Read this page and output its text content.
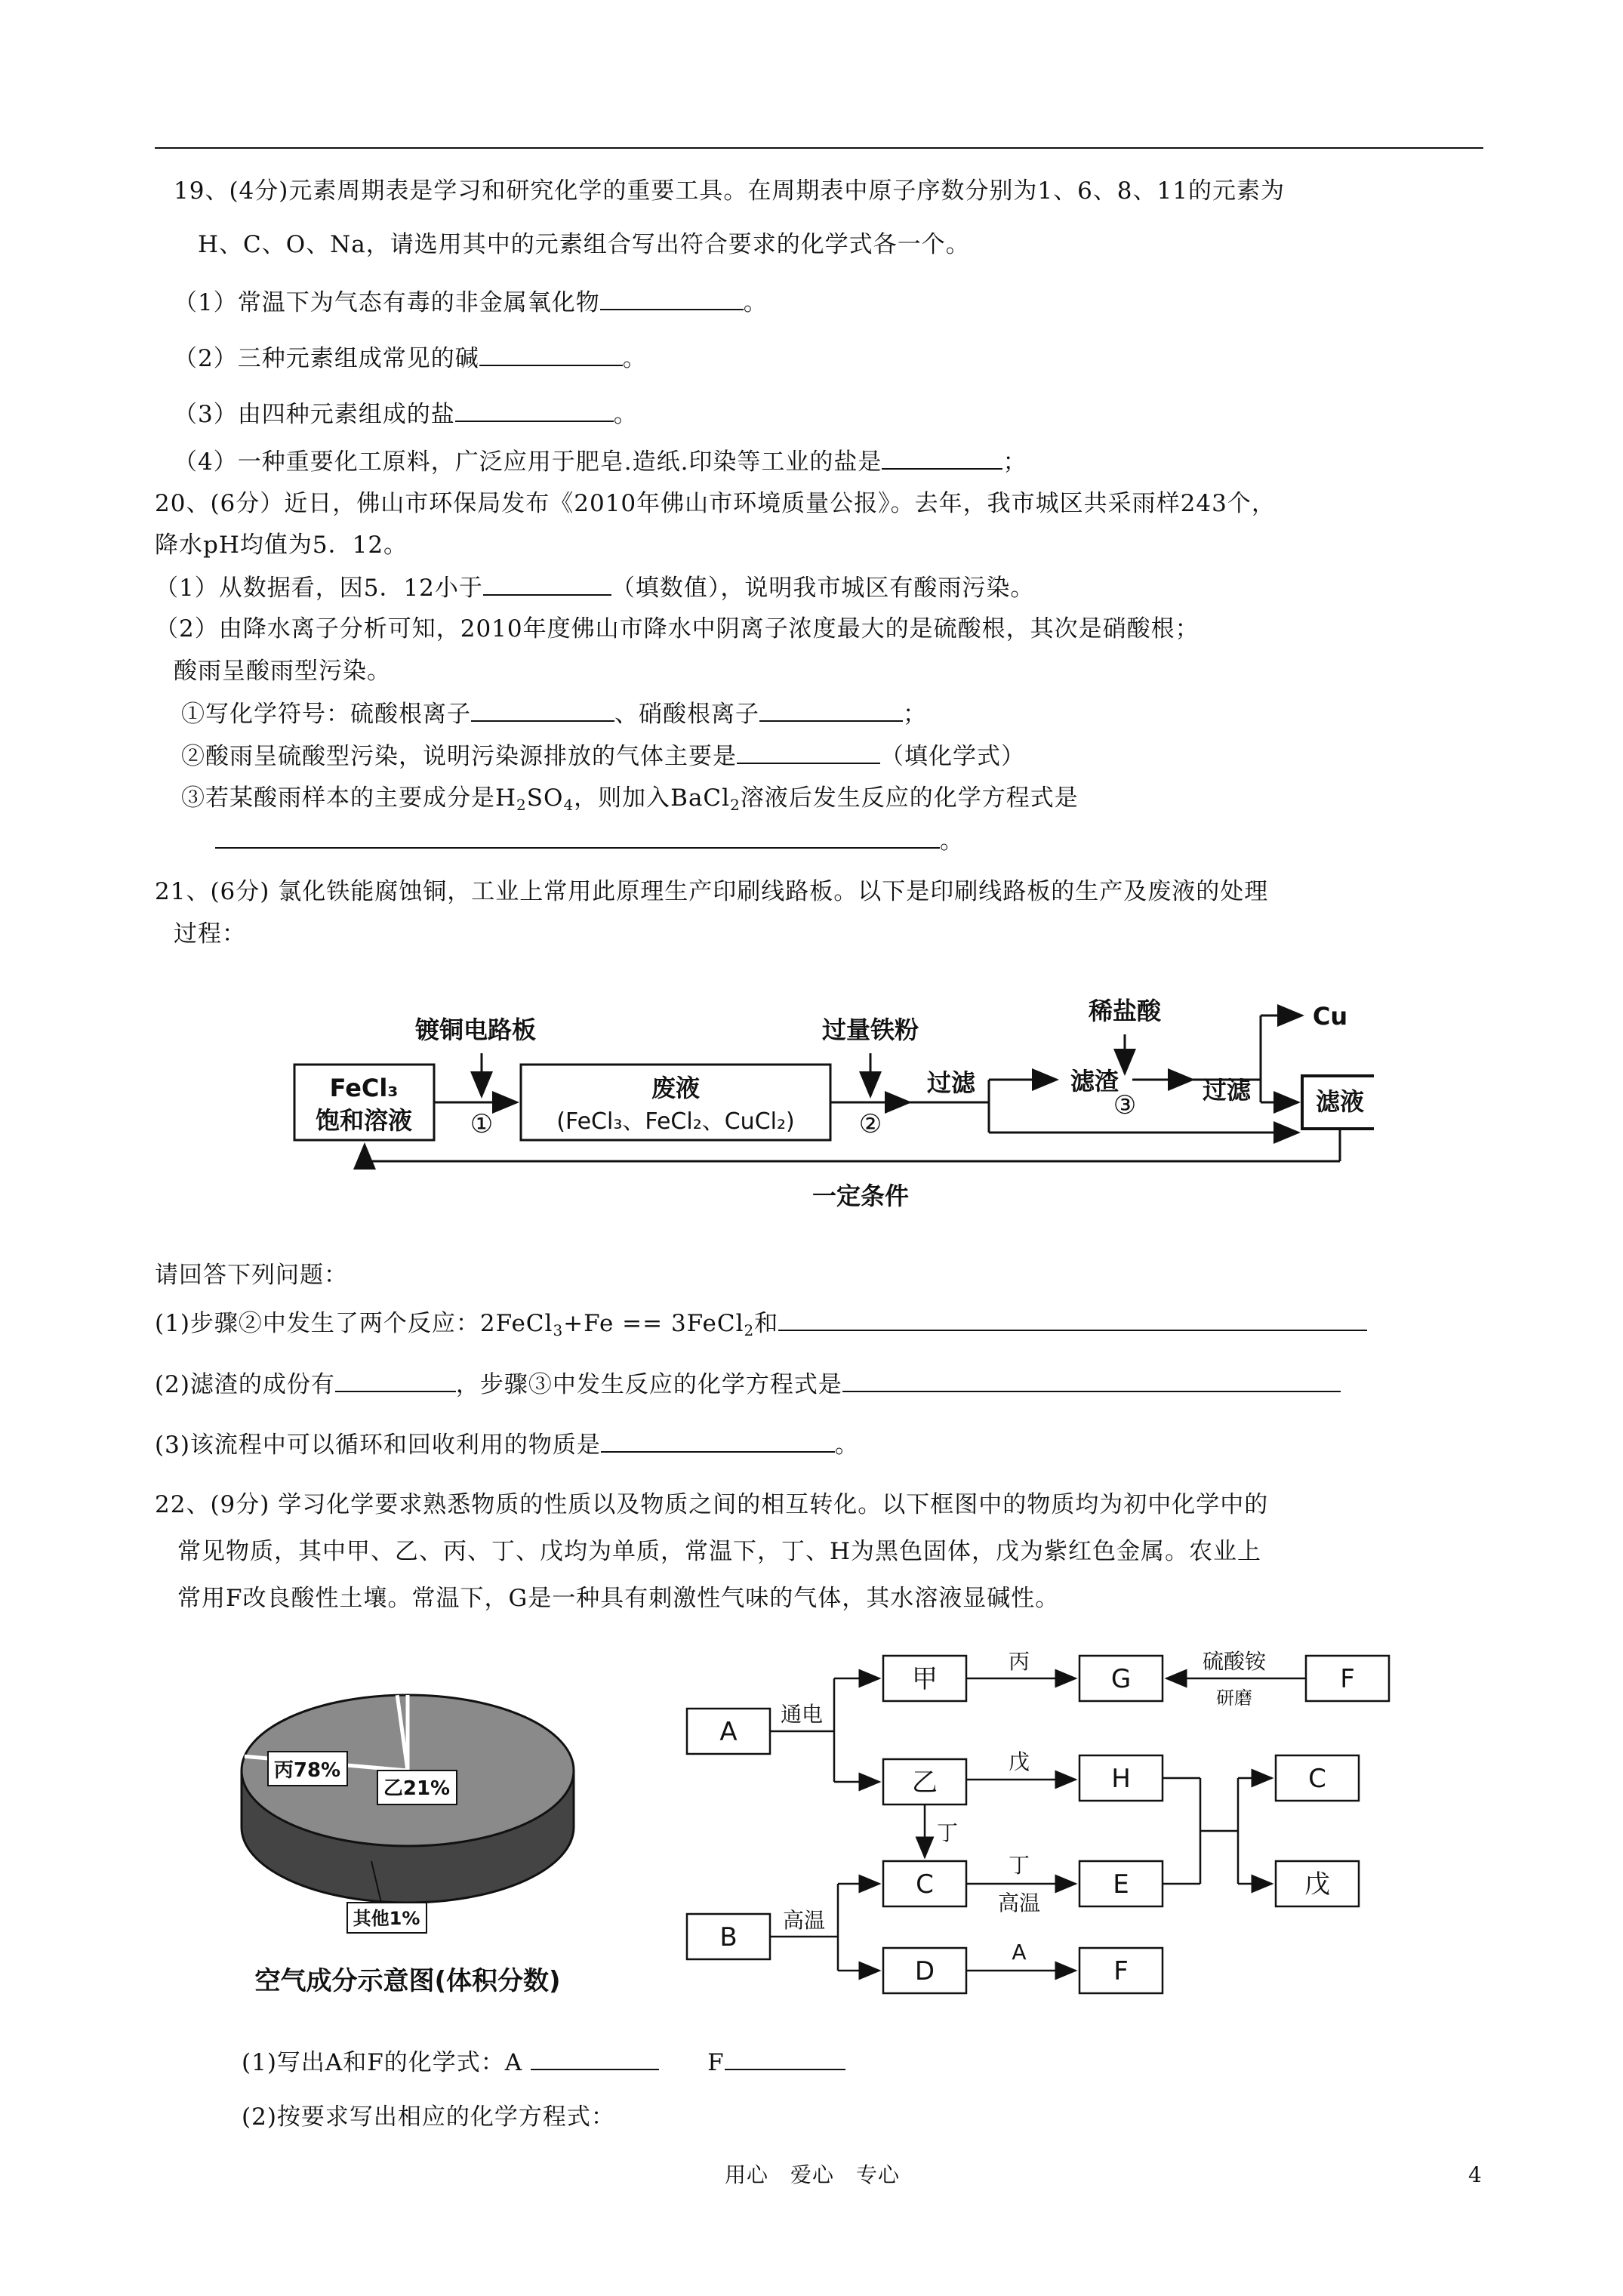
19、(4分)元素周期表是学习和研究化学的重要工具。在周期表中原子序数分别为1、6、8、11的元素为
H、C、O、Na，请选用其中的元素组合写出符合要求的化学式各一个。
（1）常温下为气态有毒的非金属氧化物	。
（2）三种元素组成常见的碱	。
（3）由四种元素组成的盐	。
（4）一种重要化工原料，广泛应用于肥皂.造纸.印染等工业的盐是	；
20、(6分）近日，佛山市环保局发布《2010年佛山市环境质量公报》。去年，我市城区共采雨样243个，
降水pH均值为5．12。
（1）从数据看，因5．12小于	（填数值），说明我市城区有酸雨污染。
（2）由降水离子分析可知，2010年度佛山市降水中阴离子浓度最大的是硫酸根，其次是硝酸根；
酸雨呈酸雨型污染。
①写化学符号：硫酸根离子	、硝酸根离子	；
②酸雨呈硫酸型污染，说明污染源排放的气体主要是	（填化学式）
③若某酸雨样本的主要成分是$H_2SO_4$，则加入BaCl$_2$溶液后发生反应的化学方程式是
。
21、(6分) 氯化铁能腐蚀铜，工业上常用此原理生产印刷线路板。以下是印刷线路板的生产及废液的处理
过程：
FeCl₃
饱和溶液
镀铜电路板
①
废液
(FeCl₃、FeCl₂、CuCl₂)
过量铁粉
②
过滤	滤渣
稀盐酸
③	过滤
Cu
滤液
一定条件
请回答下列问题：
(1)步骤②中发生了两个反应：2FeCl$_3$+Fe == 3FeCl$_2$和
(2)滤渣的成份有	，步骤③中发生反应的化学方程式是
(3)该流程中可以循环和回收利用的物质是	。
22、(9分) 学习化学要求熟悉物质的性质以及物质之间的相互转化。以下框图中的物质均为初中化学中的
常见物质，其中甲、乙、丙、丁、戊均为单质，常温下，丁、H为黑色固体，戊为紫红色金属。农业上
常用F改良酸性土壤。常温下，G是一种具有刺激性气味的气体，其水溶液显碱性。
丙78%
乙21%
其他1%
空气成分示意图(体积分数)
A
B
甲
乙
C
D
G
H
E
F
F
C
戊
通电
高温
丙
戊
丁
丁
高温
A
硫酸铵
研磨
(1)写出A和F的化学式：A   	F
(2)按要求写出相应的化学方程式：
用心　爱心　专心	4
